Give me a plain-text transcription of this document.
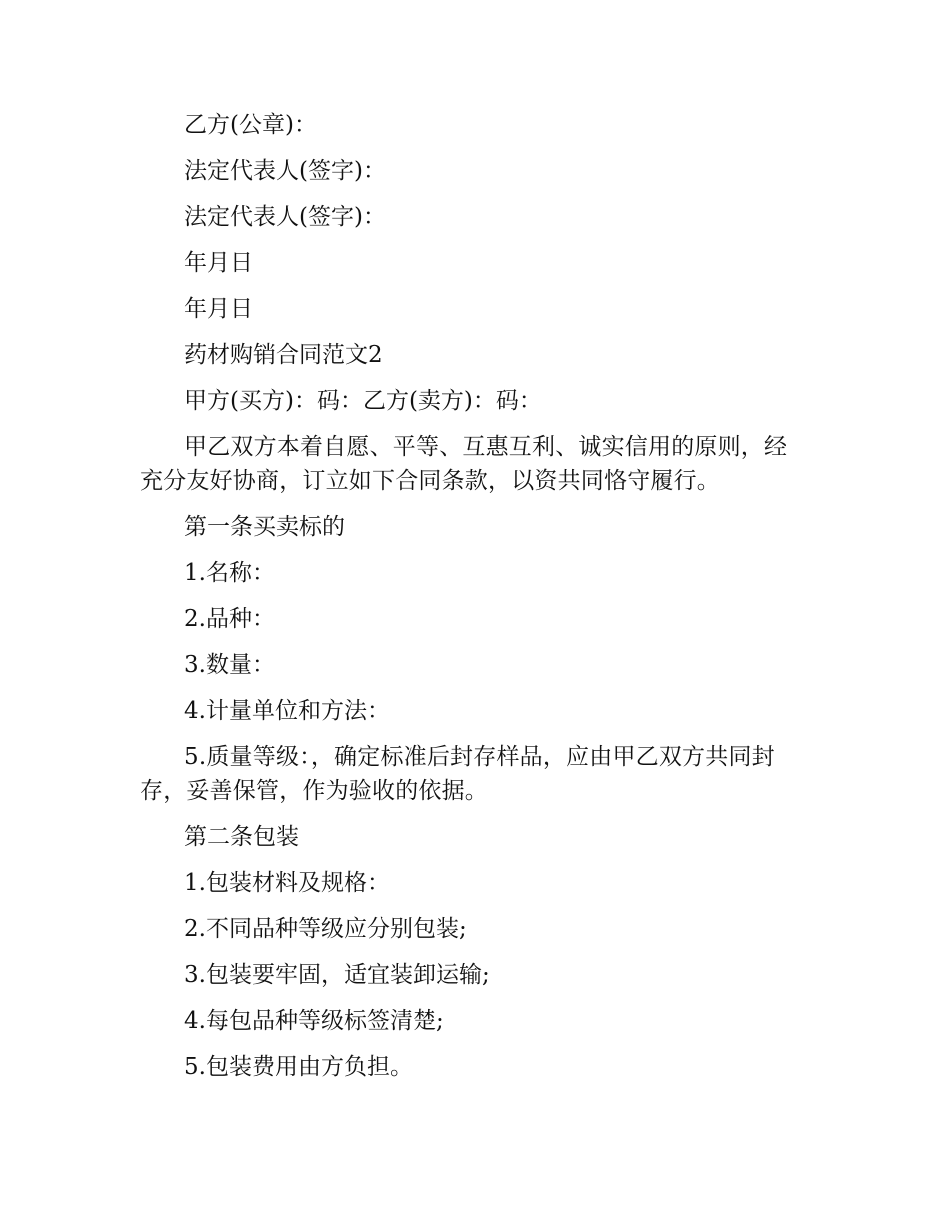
乙方(公章)：
法定代表人(签字)：
法定代表人(签字)：
年月日
年月日
药材购销合同范文2
甲方(买方)：码：乙方(卖方)：码：

甲乙双方本着自愿、平等、互惠互利、诚实信用的原则，经充分友好协商，订立如下合同条款，以资共同恪守履行。

第一条买卖标的
1.名称：
2.品种：
3.数量：
4.计量单位和方法：

5.质量等级：，确定标准后封存样品，应由甲乙双方共同封存，妥善保管，作为验收的依据。

第二条包装
1.包装材料及规格：
2.不同品种等级应分别包装;
3.包装要牢固，适宜装卸运输;
4.每包品种等级标签清楚;
5.包装费用由方负担。
